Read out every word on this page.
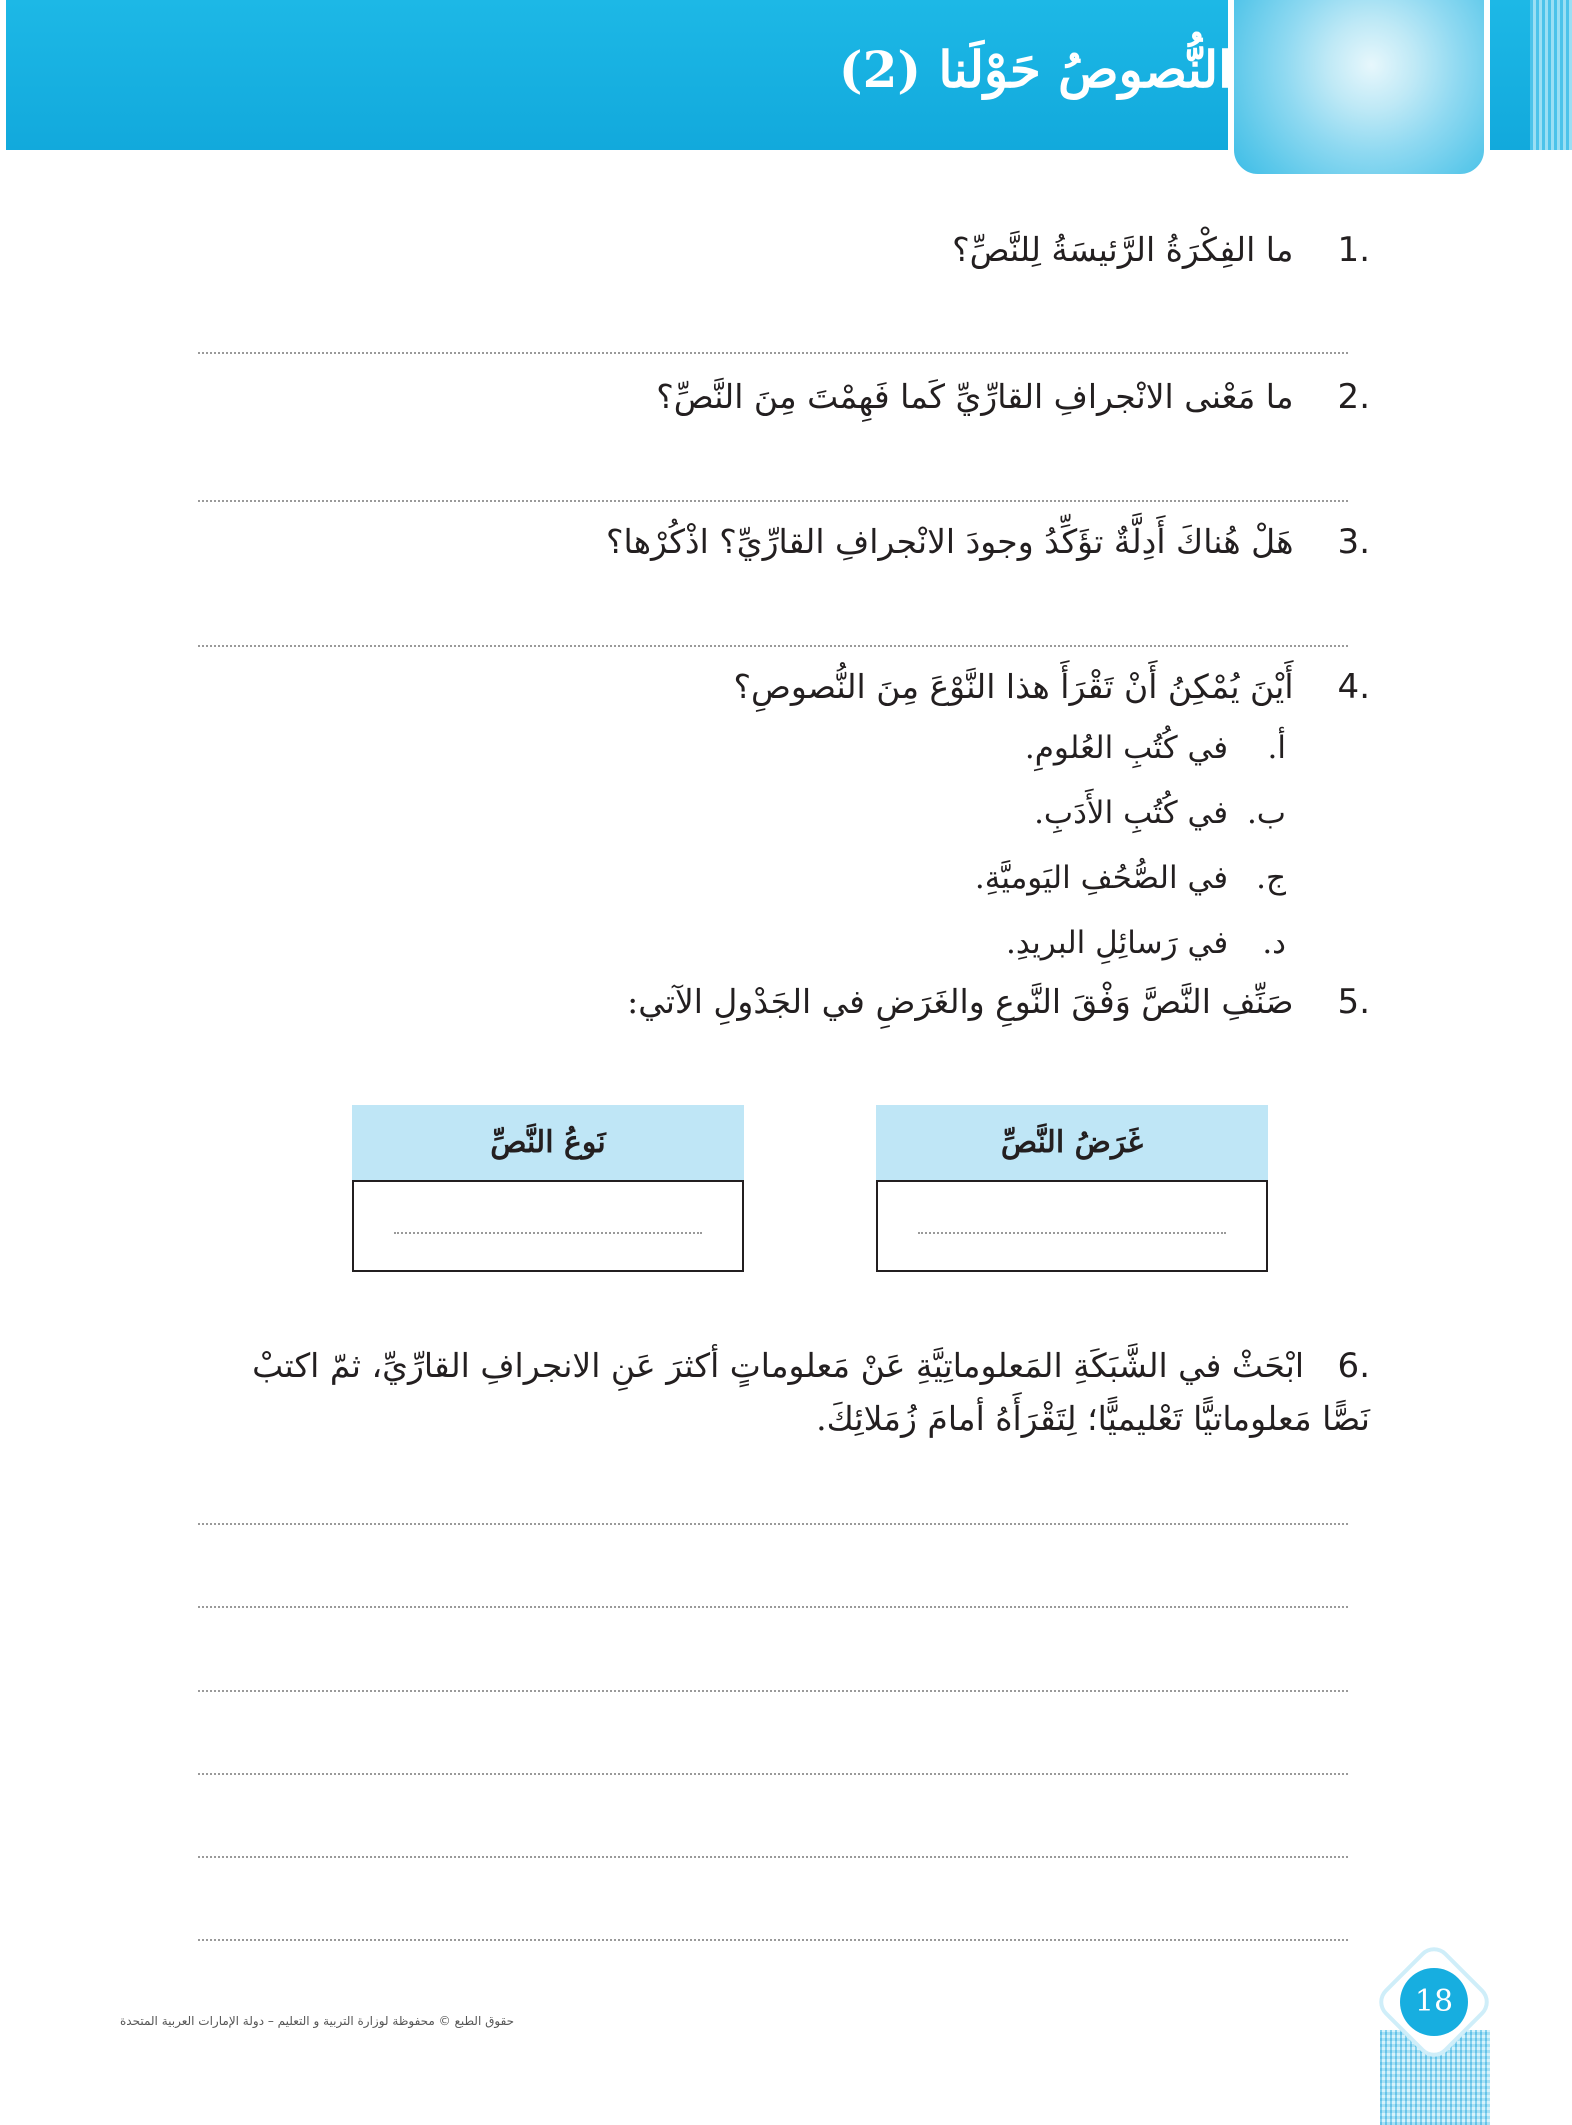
النُّصوصُ حَوْلَنا (2)
.1 ما الفِكْرَةُ الرَّئيسَةُ لِلنَّصِّ؟
.2 ما مَعْنى الانْجرافِ القارِّيِّ كَما فَهِمْتَ مِنَ النَّصِّ؟
.3 هَلْ هُناكَ أَدِلَّةٌ تؤَكِّدُ وجودَ الانْجرافِ القارِّيِّ؟ اذْكُرْها؟
.4 أَيْنَ يُمْكِنُ أَنْ تَقْرَأَ هذا النَّوْعَ مِنَ النُّصوصِ؟
أ. في كُتُبِ العُلومِ.
ب. في كُتُبِ الأَدَبِ.
ج. في الصُّحُفِ اليَوميَّةِ.
د. في رَسائِلِ البريدِ.
.5 صَنِّفِ النَّصَّ وَفْقَ النَّوعِ والغَرَضِ في الجَدْولِ الآتي:
غَرَضُ النَّصِّ
نَوعُ النَّصِّ
.6ابْحَثْ في الشَّبَكَةِ المَعلوماتِيَّةِ عَنْ مَعلوماتٍ أكثرَ عَنِ الانجرافِ القارِّيِّ، ثمّ اكتبْ نَصًّا مَعلوماتيًّا تَعْليميًّا؛ لِتَقْرَأَهُ أمامَ زُمَلائِكَ.
حقوق الطبع © محفوظة لوزارة التربية و التعليم – دولة الإمارات العربية المتحدة
18
